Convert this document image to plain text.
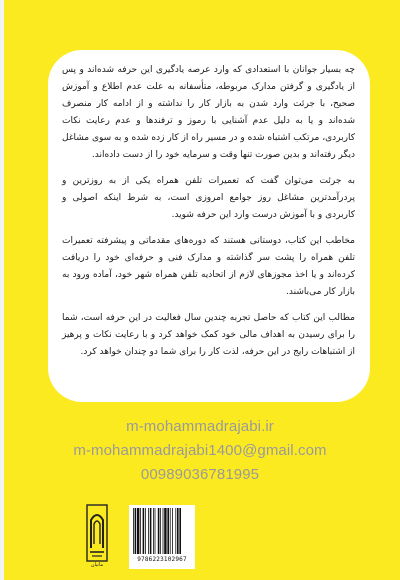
چه بسیار جوانان با استعدادی که وارد عرصه یادگیری این حرفه شده‌اند و پس از یادگیری و گرفتن مدارک مربوطه، متأسفانه به علت عدم اطلاع و آموزش صحیح، با جرئت وارد شدن به بازار کار را نداشته و از ادامه کار منصرف شده‌اند و یا به دلیل عدم آشنایی با رموز و ترفندها و عدم رعایت نکات کاربردی، مرتکب اشتباه شده و در مسیر راه از کار زده شده و به سوی مشاغل دیگر رفته‌اند و بدین صورت تنها وقت و سرمایه خود را از دست داده‌اند.

به جرئت می‌توان گفت که تعمیرات تلفن همراه یکی از به روزترین و پردرآمدترین مشاغل روز جوامع امروزی است، به شرط اینکه اصولی و کاربردی و با آموزش درست وارد این حرفه شوید.

مخاطب این کتاب، دوستانی هستند که دوره‌های مقدماتی و پیشرفته تعمیرات تلفن همراه را پشت سر گذاشته و مدارک فنی و حرفه‌ای خود را دریافت کرده‌اند و یا اخذ مجوزهای لازم از اتحادیه تلفن همراه شهر خود، آماده ورود به بازار کار می‌باشند.

مطالب این کتاب که حاصل تجربه چندین سال فعالیت در این حرفه است، شما را برای رسیدن به اهداف مالی خود کمک خواهد کرد و با رعایت نکات و پرهیز از اشتباهات رایج در این حرفه، لذت کار را برای شما دو چندان خواهد کرد.

m-mohammadrajabi.ir
m-mohammadrajabi1400@gmail.com
00989036781995
مانیان
9786223102967
